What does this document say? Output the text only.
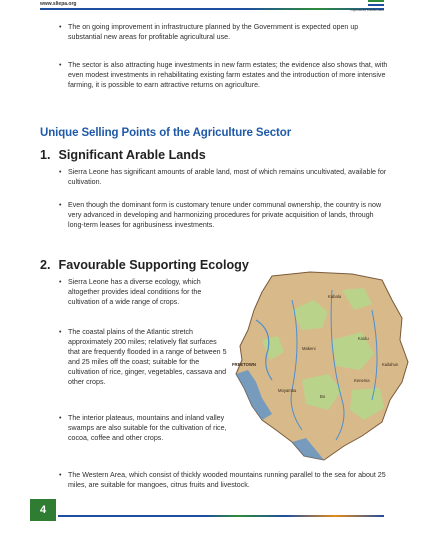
www.sliepa.org
Opportunity Knocks Here
• The on going improvement in infrastructure planned by the Government is expected open up substantial new areas for profitable agricultural use.

• The sector is also attracting huge investments in new farm estates; the evidence also shows that, with even modest investments in rehabilitating existing farm estates and the introduction of more intensive farming, it is possible to earn attractive returns on agriculture.

Unique Selling Points of the Agriculture Sector
1. Significant Arable Lands
• Sierra Leone has significant amounts of arable land, most of which remains uncultivated, available for cultivation.

• Even though the dominant form is customary tenure under communal ownership, the country is now very advanced in developing and harmonizing procedures for private acquisition of lands, through long-term leases for agribusiness investments.

2. Favourable Supporting Ecology
• Sierra Leone has a diverse ecology, which altogether provides ideal conditions for the cultivation of a wide range of crops.

• The coastal plains of the Atlantic stretch approximately 200 miles; relatively flat surfaces that are frequently flooded in a range of between 5 and 25 miles off the coast; suitable for the cultivation of rice, ginger, vegetables, cassava and other crops.

• The interior plateaus, mountains and inland valley swamps are also suitable for the cultivation of rice, cocoa, coffee and other crops.

• The Western Area, which consist of thickly wooded mountains running parallel to the sea for about 25 miles, are suitable for mangoes, citrus fruits and livestock.

Kabala
Makeni
FREETOWN
Bo
Kenema
Kailahun
Koidu
Moyamba
4
